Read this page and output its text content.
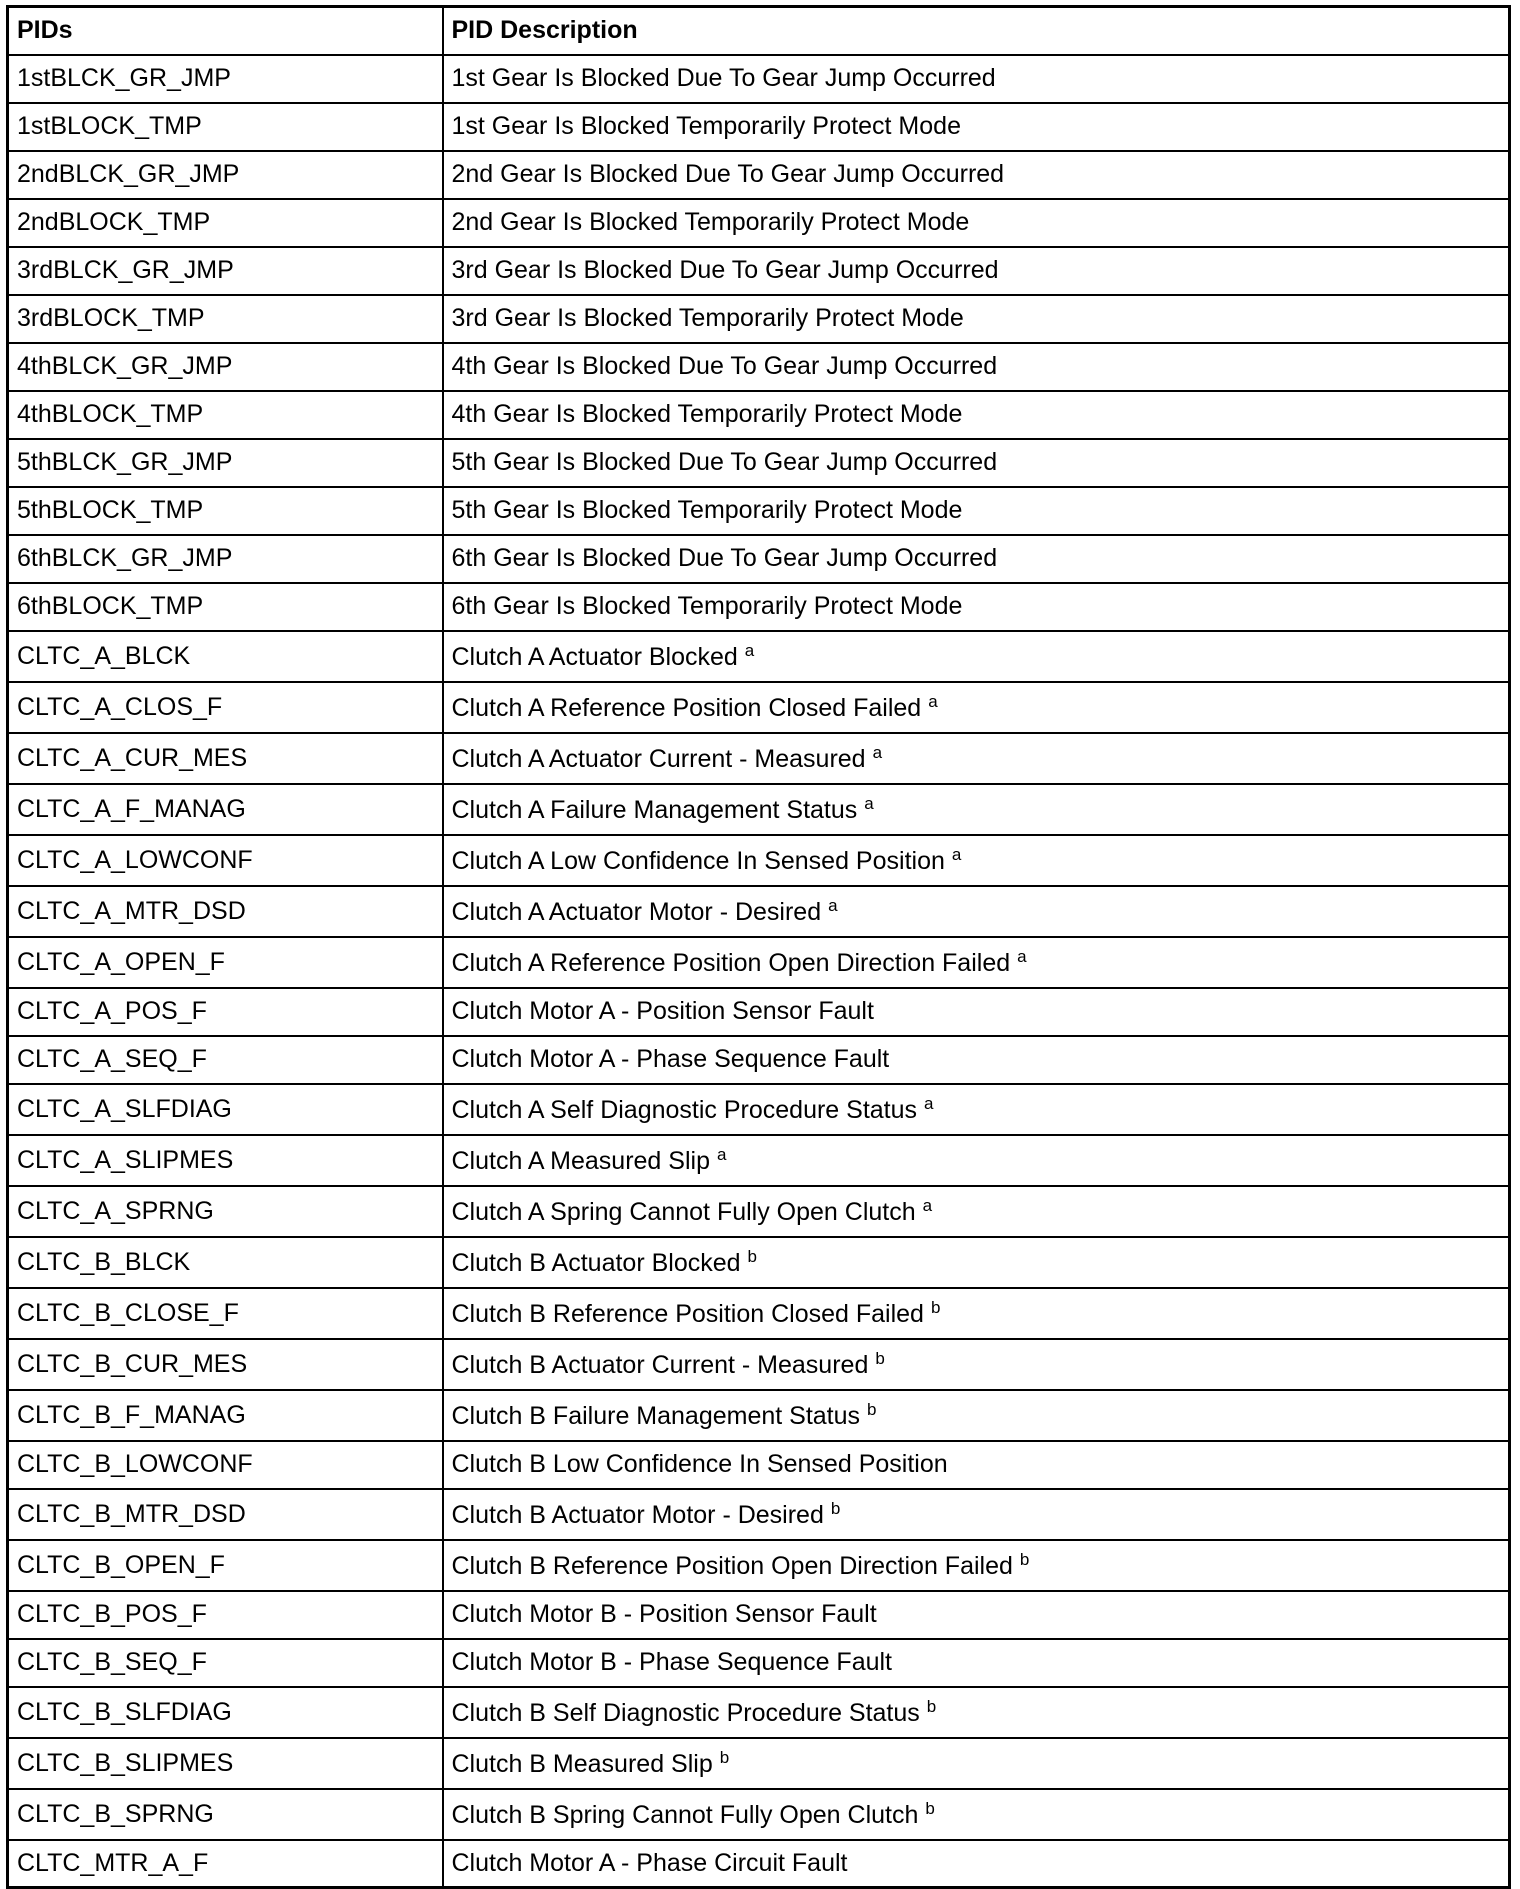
PIDs	PID Description
1stBLCK_GR_JMP	1st Gear Is Blocked Due To Gear Jump Occurred
1stBLOCK_TMP	1st Gear Is Blocked Temporarily Protect Mode
2ndBLCK_GR_JMP	2nd Gear Is Blocked Due To Gear Jump Occurred
2ndBLOCK_TMP	2nd Gear Is Blocked Temporarily Protect Mode
3rdBLCK_GR_JMP	3rd Gear Is Blocked Due To Gear Jump Occurred
3rdBLOCK_TMP	3rd Gear Is Blocked Temporarily Protect Mode
4thBLCK_GR_JMP	4th Gear Is Blocked Due To Gear Jump Occurred
4thBLOCK_TMP	4th Gear Is Blocked Temporarily Protect Mode
5thBLCK_GR_JMP	5th Gear Is Blocked Due To Gear Jump Occurred
5thBLOCK_TMP	5th Gear Is Blocked Temporarily Protect Mode
6thBLCK_GR_JMP	6th Gear Is Blocked Due To Gear Jump Occurred
6thBLOCK_TMP	6th Gear Is Blocked Temporarily Protect Mode
CLTC_A_BLCK	Clutch A Actuator Blocked $^a$
CLTC_A_CLOS_F	Clutch A Reference Position Closed Failed $^a$
CLTC_A_CUR_MES	Clutch A Actuator Current - Measured $^a$
CLTC_A_F_MANAG	Clutch A Failure Management Status $^a$
CLTC_A_LOWCONF	Clutch A Low Confidence In Sensed Position $^a$
CLTC_A_MTR_DSD	Clutch A Actuator Motor - Desired $^a$
CLTC_A_OPEN_F	Clutch A Reference Position Open Direction Failed $^a$
CLTC_A_POS_F	Clutch Motor A - Position Sensor Fault
CLTC_A_SEQ_F	Clutch Motor A - Phase Sequence Fault
CLTC_A_SLFDIAG	Clutch A Self Diagnostic Procedure Status $^a$
CLTC_A_SLIPMES	Clutch A Measured Slip $^a$
CLTC_A_SPRNG	Clutch A Spring Cannot Fully Open Clutch $^a$
CLTC_B_BLCK	Clutch B Actuator Blocked $^b$
CLTC_B_CLOSE_F	Clutch B Reference Position Closed Failed $^b$
CLTC_B_CUR_MES	Clutch B Actuator Current - Measured $^b$
CLTC_B_F_MANAG	Clutch B Failure Management Status $^b$
CLTC_B_LOWCONF	Clutch B Low Confidence In Sensed Position
CLTC_B_MTR_DSD	Clutch B Actuator Motor - Desired $^b$
CLTC_B_OPEN_F	Clutch B Reference Position Open Direction Failed $^b$
CLTC_B_POS_F	Clutch Motor B - Position Sensor Fault
CLTC_B_SEQ_F	Clutch Motor B - Phase Sequence Fault
CLTC_B_SLFDIAG	Clutch B Self Diagnostic Procedure Status $^b$
CLTC_B_SLIPMES	Clutch B Measured Slip $^b$
CLTC_B_SPRNG	Clutch B Spring Cannot Fully Open Clutch $^b$
CLTC_MTR_A_F	Clutch Motor A - Phase Circuit Fault
